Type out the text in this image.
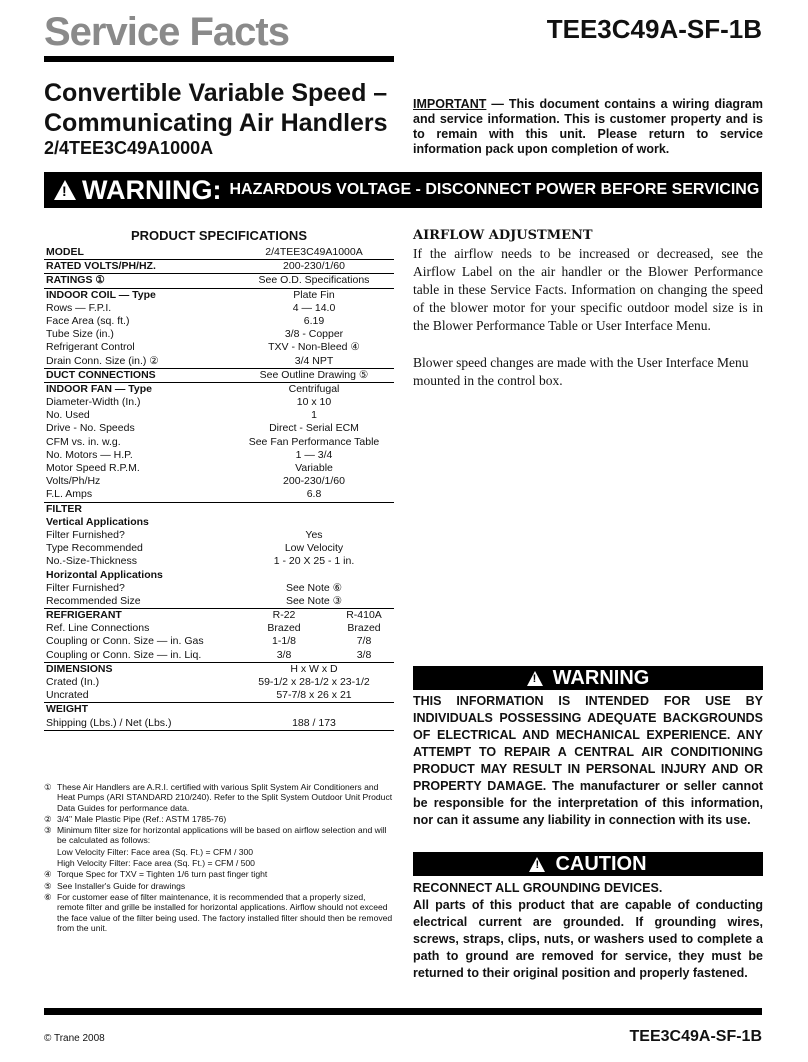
Service Facts	TEE3C49A-SF-1B
Convertible Variable Speed –
Communicating Air Handlers
2/4TEE3C49A1000A
IMPORTANT — This document contains a wiring diagram and service information. This is customer property and is to remain with this unit. Please return to service information pack upon completion of work.
!
WARNING: HAZARDOUS VOLTAGE - DISCONNECT POWER BEFORE SERVICING
PRODUCT SPECIFICATIONS
MODEL	2/4TEE3C49A1000A
RATED VOLTS/PH/HZ.	200-230/1/60
RATINGS ①	See O.D. Specifications
INDOOR COIL — Type	Plate Fin
Rows — F.P.I.	4 — 14.0
Face Area (sq. ft.)	6.19
Tube Size (in.)	3/8 - Copper
Refrigerant Control	TXV - Non-Bleed ④
Drain Conn. Size (in.) ②	3/4 NPT
DUCT CONNECTIONS	See Outline Drawing ⑤
INDOOR FAN — Type	Centrifugal
Diameter-Width (In.)	10 x 10
No. Used	1
Drive - No. Speeds	Direct - Serial ECM
CFM vs. in. w.g.	See Fan Performance Table
No. Motors — H.P.	1 — 3/4
Motor Speed R.P.M.	Variable
Volts/Ph/Hz	200-230/1/60
F.L. Amps	6.8
FILTER
Vertical Applications
Filter Furnished?	Yes
Type Recommended	Low Velocity
No.-Size-Thickness	1 - 20 X 25 - 1 in.
Horizontal Applications
Filter Furnished?	See Note ⑥
Recommended Size	See Note ③
REFRIGERANT	R-22	R-410A
Ref. Line Connections	Brazed	Brazed
Coupling or Conn. Size — in. Gas	1-1/8	7/8
Coupling or Conn. Size — in. Liq.	3/8	3/8
DIMENSIONS	H x W x D
Crated (In.)	59-1/2 x 28-1/2 x 23-1/2
Uncrated	57-7/8 x 26 x 21
WEIGHT
Shipping (Lbs.) / Net (Lbs.)	188 / 173
① These Air Handlers are A.R.I. certified with various Split System Air Conditioners and Heat Pumps (ARI STANDARD 210/240). Refer to the Split System Outdoor Unit Product Data Guides for performance data.
② 3/4" Male Plastic Pipe (Ref.: ASTM 1785-76)
③ Minimum filter size for horizontal applications will be based on airflow selection and will be calculated as follows:
Low Velocity Filter: Face area (Sq. Ft.) = CFM / 300
High Velocity Filter: Face area (Sq. Ft.) = CFM / 500
④ Torque Spec for TXV = Tighten 1/6 turn past finger tight
⑤ See Installer's Guide for drawings
⑥ For customer ease of filter maintenance, it is recommended that a properly sized, remote filter and grille be installed for horizontal applications. Airflow should not exceed the face value of the filter being used. The factory installed filter should then be removed from the unit.
AIRFLOW ADJUSTMENT
If the airflow needs to be increased or decreased, see the Airflow Label on the air handler or the Blower Performance table in these Service Facts. Information on changing the speed of the blower motor for your specific outdoor model size is in the Blower Performance Table or User Interface Menu.
Blower speed changes are made with the User Interface Menu mounted in the control box.
!
WARNING
THIS INFORMATION IS INTENDED FOR USE BY INDIVIDUALS POSSESSING ADEQUATE BACKGROUNDS OF ELECTRICAL AND MECHANICAL EXPERIENCE. ANY ATTEMPT TO REPAIR A CENTRAL AIR CONDITIONING PRODUCT MAY RESULT IN PERSONAL INJURY AND OR PROPERTY DAMAGE. The manufacturer or seller cannot be responsible for the interpretation of this information, nor can it assume any liability in connection with its use.
!
CAUTION
RECONNECT ALL GROUNDING DEVICES.
All parts of this product that are capable of conducting electrical current are grounded. If grounding wires, screws, straps, clips, nuts, or washers used to complete a path to ground are removed for service, they must be returned to their original position and properly fastened.
© Trane 2008	TEE3C49A-SF-1B
